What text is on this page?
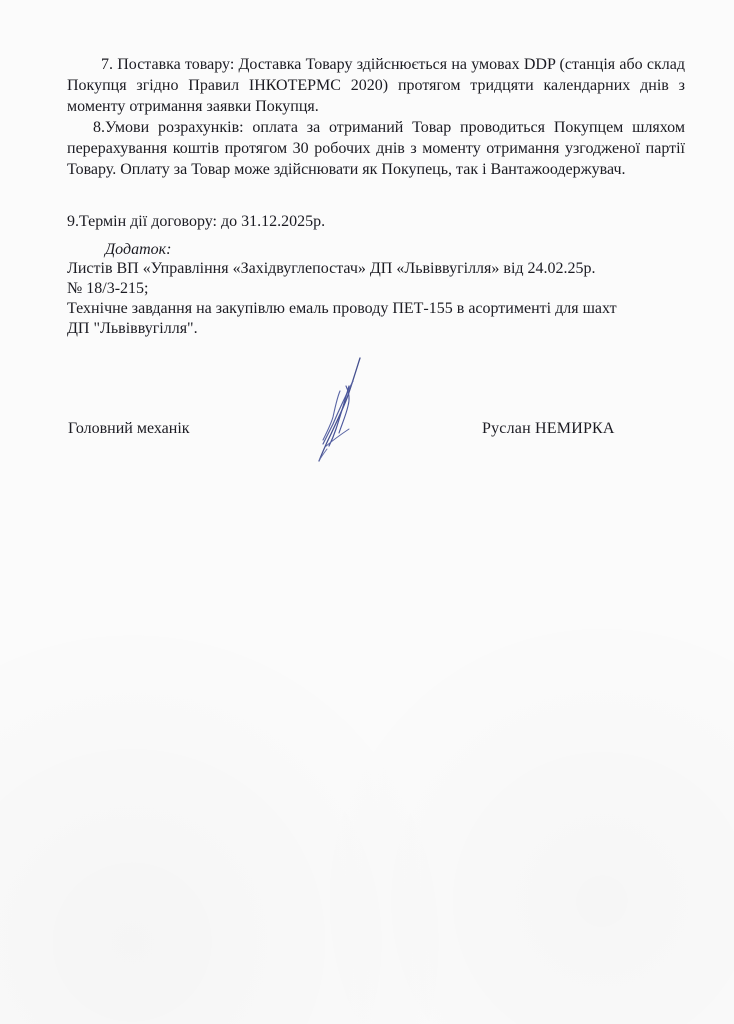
7. Поставка товару: Доставка Товару здійснюється на умовах DDP (станція або склад Покупця згідно Правил ІНКОТЕРМС 2020) протягом тридцяти календарних днів з моменту отримання заявки Покупця.
8.Умови розрахунків: оплата за отриманий Товар проводиться Покупцем шляхом перерахування коштів протягом 30 робочих днів з моменту отримання узгодженої партії Товару. Оплату за Товар може здійснювати як Покупець, так і Вантажоодержувач.
9.Термін дії договору: до 31.12.2025р.
Додаток:
Листів ВП «Управління «Західвуглепостач» ДП «Львіввугілля» від 24.02.25р.
№ 18/3-215;
Технічне завдання на закупівлю емаль проводу ПЕТ-155 в асортименті для шахт
ДП "Львіввугілля".
Головний механік	Руслан НЕМИРКА
